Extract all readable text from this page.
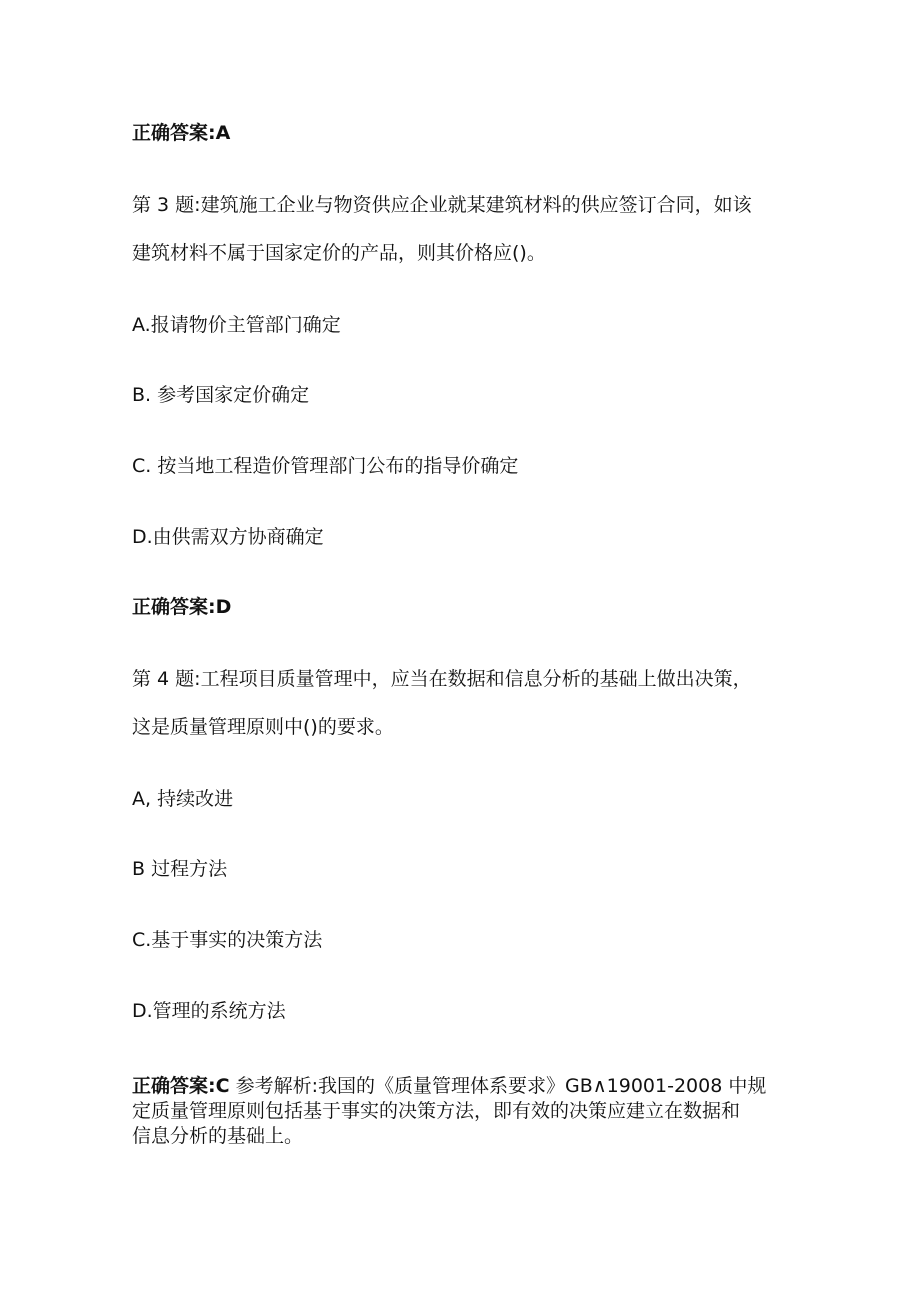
正确答案:A
第 3 题:建筑施工企业与物资供应企业就某建筑材料的供应签订合同，如该
建筑材料不属于国家定价的产品，则其价格应()。
A.报请物价主管部门确定
B. 参考国家定价确定
C. 按当地工程造价管理部门公布的指导价确定
D.由供需双方协商确定
正确答案:D
第 4 题:工程项目质量管理中，应当在数据和信息分析的基础上做出决策，
这是质量管理原则中()的要求。
A, 持续改进
B 过程方法
C.基于事实的决策方法
D.管理的系统方法
正确答案:C 参考解析:我国的《质量管理体系要求》GB∧19001-2008 中规
定质量管理原则包括基于事实的决策方法，即有效的决策应建立在数据和
信息分析的基础上。
